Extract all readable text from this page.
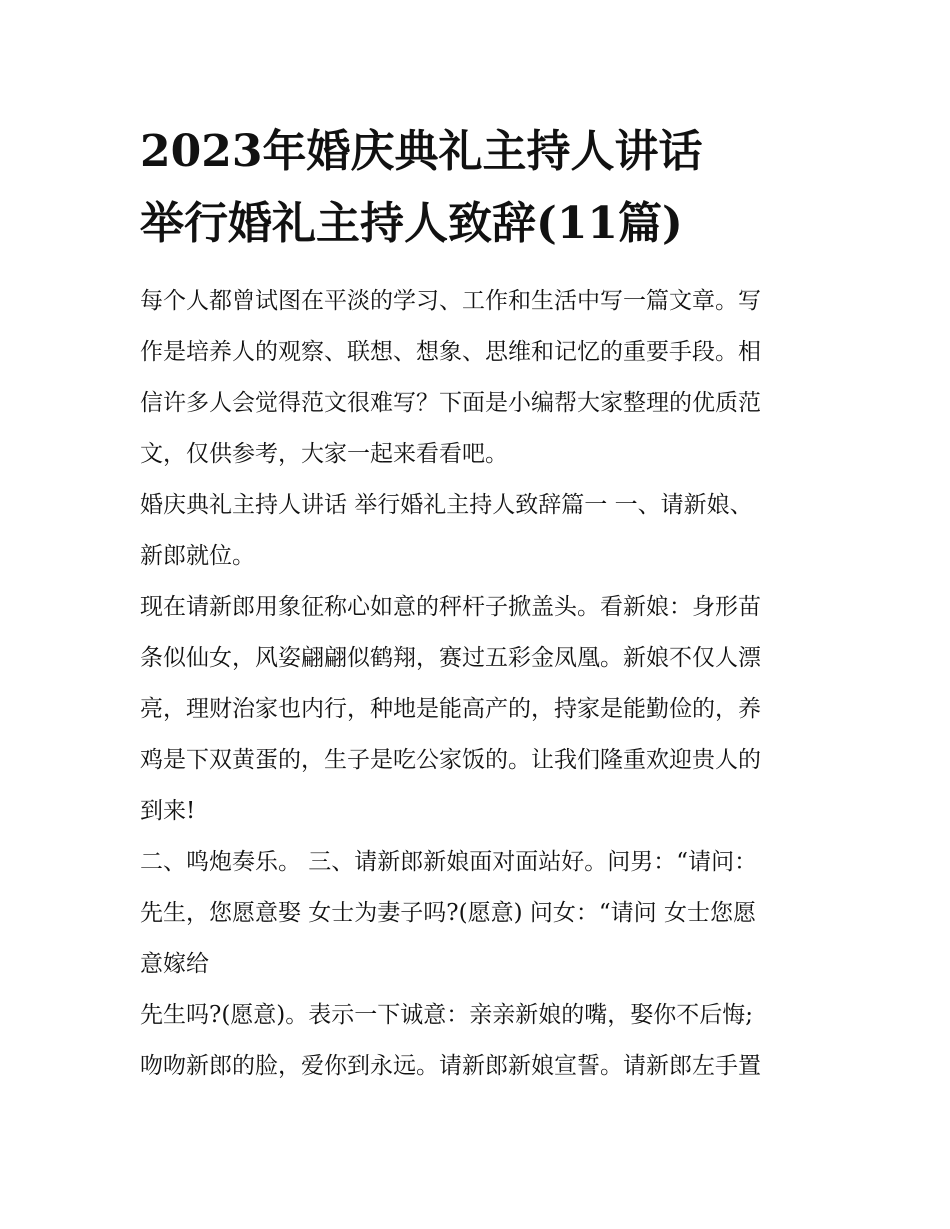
2023年婚庆典礼主持人讲话
举行婚礼主持人致辞(11篇)

每个人都曾试图在平淡的学习、工作和生活中写一篇文章。写
作是培养人的观察、联想、想象、思维和记忆的重要手段。相
信许多人会觉得范文很难写？下面是小编帮大家整理的优质范
文，仅供参考，大家一起来看看吧。

婚庆典礼主持人讲话 举行婚礼主持人致辞篇一 一、请新娘、
新郎就位。

现在请新郎用象征称心如意的秤杆子掀盖头。看新娘：身形苗
条似仙女，风姿翩翩似鹤翔，赛过五彩金凤凰。新娘不仅人漂
亮，理财治家也内行，种地是能高产的，持家是能勤俭的，养
鸡是下双黄蛋的，生子是吃公家饭的。让我们隆重欢迎贵人的
到来!

二、鸣炮奏乐。 三、请新郎新娘面对面站好。问男：“请问：
先生，您愿意娶 女士为妻子吗?(愿意) 问女：“请问 女士您愿
意嫁给

先生吗?(愿意)。表示一下诚意：亲亲新娘的嘴，娶你不后悔;
吻吻新郎的脸，爱你到永远。请新郎新娘宣誓。请新郎左手置
